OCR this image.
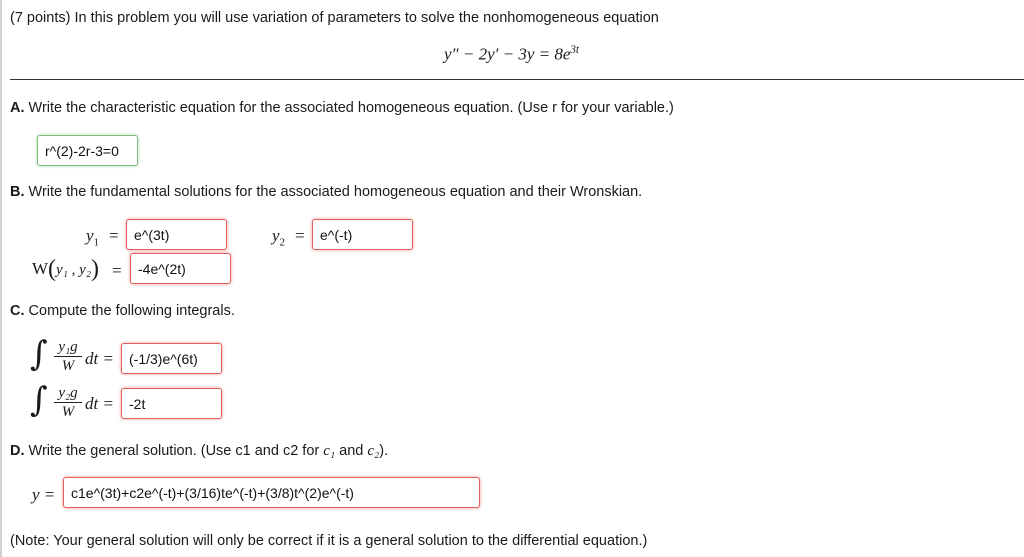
(7 points) In this problem you will use variation of parameters to solve the nonhomogeneous equation
$y'' - 2y' - 3y = 8e^{3t}$
A. Write the characteristic equation for the associated homogeneous equation. (Use r for your variable.)
r^(2)-2r-3=0
B. Write the fundamental solutions for the associated homogeneous equation and their Wronskian.
$y_1$ = e^(3t)	$y_2$ = e^(-t)
W(y₁ , y₂) = -4e^(2t)
C. Compute the following integrals.
∫ y₁g
W dt = (-1/3)e^(6t)
∫ y₂g
W dt = -2t
D. Write the general solution. (Use c1 and c2 for c₁ and c₂).
y = c1e^(3t)+c2e^(-t)+(3/16)te^(-t)+(3/8)t^(2)e^(-t)
(Note: Your general solution will only be correct if it is a general solution to the differential equation.)
